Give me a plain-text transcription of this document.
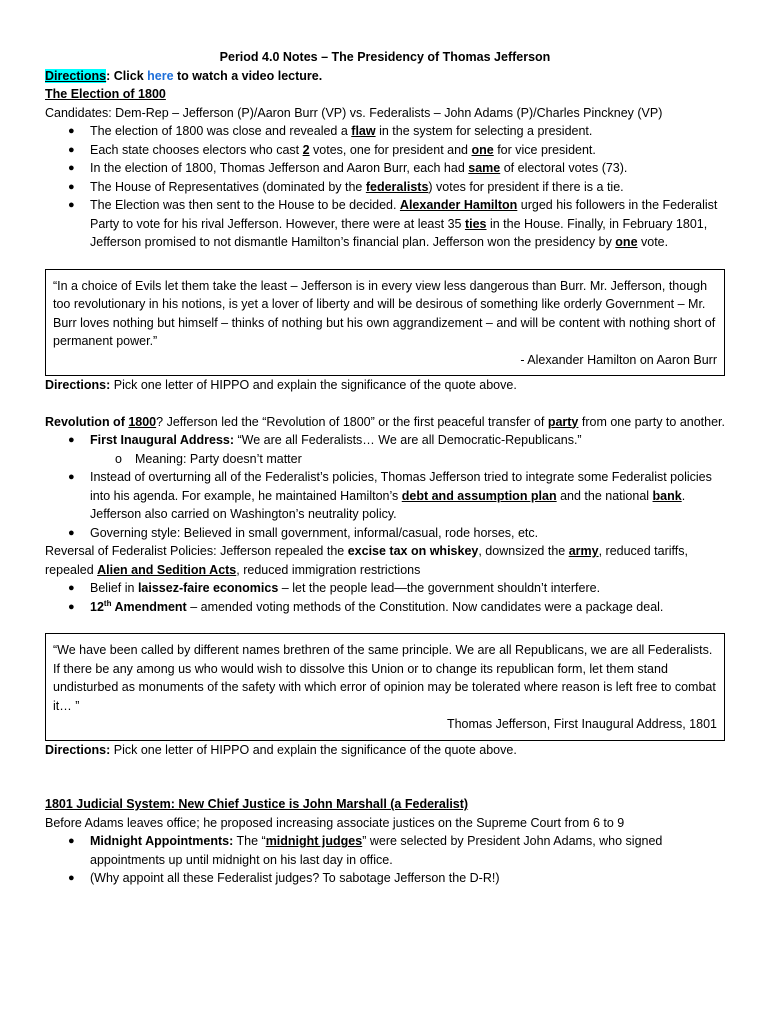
Period 4.0 Notes – The Presidency of Thomas Jefferson

Directions: Click here to watch a video lecture.

The Election of 1800

Candidates: Dem-Rep – Jefferson (P)/Aaron Burr (VP) vs. Federalists – John Adams (P)/Charles Pinckney (VP)

● The election of 1800 was close and revealed a flaw in the system for selecting a president.
● Each state chooses electors who cast 2 votes, one for president and one for vice president.
● In the election of 1800, Thomas Jefferson and Aaron Burr, each had same of electoral votes (73).
● The House of Representatives (dominated by the federalists) votes for president if there is a tie.
● The Election was then sent to the House to be decided. Alexander Hamilton urged his followers in the Federalist Party to vote for his rival Jefferson. However, there were at least 35 ties in the House. Finally, in February 1801, Jefferson promised to not dismantle Hamilton’s financial plan. Jefferson won the presidency by one vote.

“In a choice of Evils let them take the least – Jefferson is in every view less dangerous than Burr. Mr. Jefferson, though too revolutionary in his notions, is yet a lover of liberty and will be desirous of something like orderly Government – Mr. Burr loves nothing but himself – thinks of nothing but his own aggrandizement – and will be content with nothing short of permanent power.”

- Alexander Hamilton on Aaron Burr

Directions: Pick one letter of HIPPO and explain the significance of the quote above.

Revolution of 1800? Jefferson led the “Revolution of 1800” or the first peaceful transfer of party from one party to another.

● First Inaugural Address: “We are all Federalists… We are all Democratic-Republicans.”

o Meaning: Party doesn’t matter

● Instead of overturning all of the Federalist’s policies, Thomas Jefferson tried to integrate some Federalist policies into his agenda. For example, he maintained Hamilton’s debt and assumption plan and the national bank. Jefferson also carried on Washington’s neutrality policy.
● Governing style: Believed in small government, informal/casual, rode horses, etc.

Reversal of Federalist Policies: Jefferson repealed the excise tax on whiskey, downsized the army, reduced tariffs, repealed Alien and Sedition Acts, reduced immigration restrictions

● Belief in laissez-faire economics – let the people lead—the government shouldn’t interfere.
● 12th Amendment – amended voting methods of the Constitution. Now candidates were a package deal.

“We have been called by different names brethren of the same principle. We are all Republicans, we are all Federalists. If there be any among us who would wish to dissolve this Union or to change its republican form, let them stand undisturbed as monuments of the safety with which error of opinion may be tolerated where reason is left free to combat it… ”

Thomas Jefferson, First Inaugural Address, 1801

Directions: Pick one letter of HIPPO and explain the significance of the quote above.

1801 Judicial System: New Chief Justice is John Marshall (a Federalist)

Before Adams leaves office; he proposed increasing associate justices on the Supreme Court from 6 to 9

● Midnight Appointments: The “midnight judges” were selected by President John Adams, who signed appointments up until midnight on his last day in office.
● (Why appoint all these Federalist judges? To sabotage Jefferson the D-R!)
